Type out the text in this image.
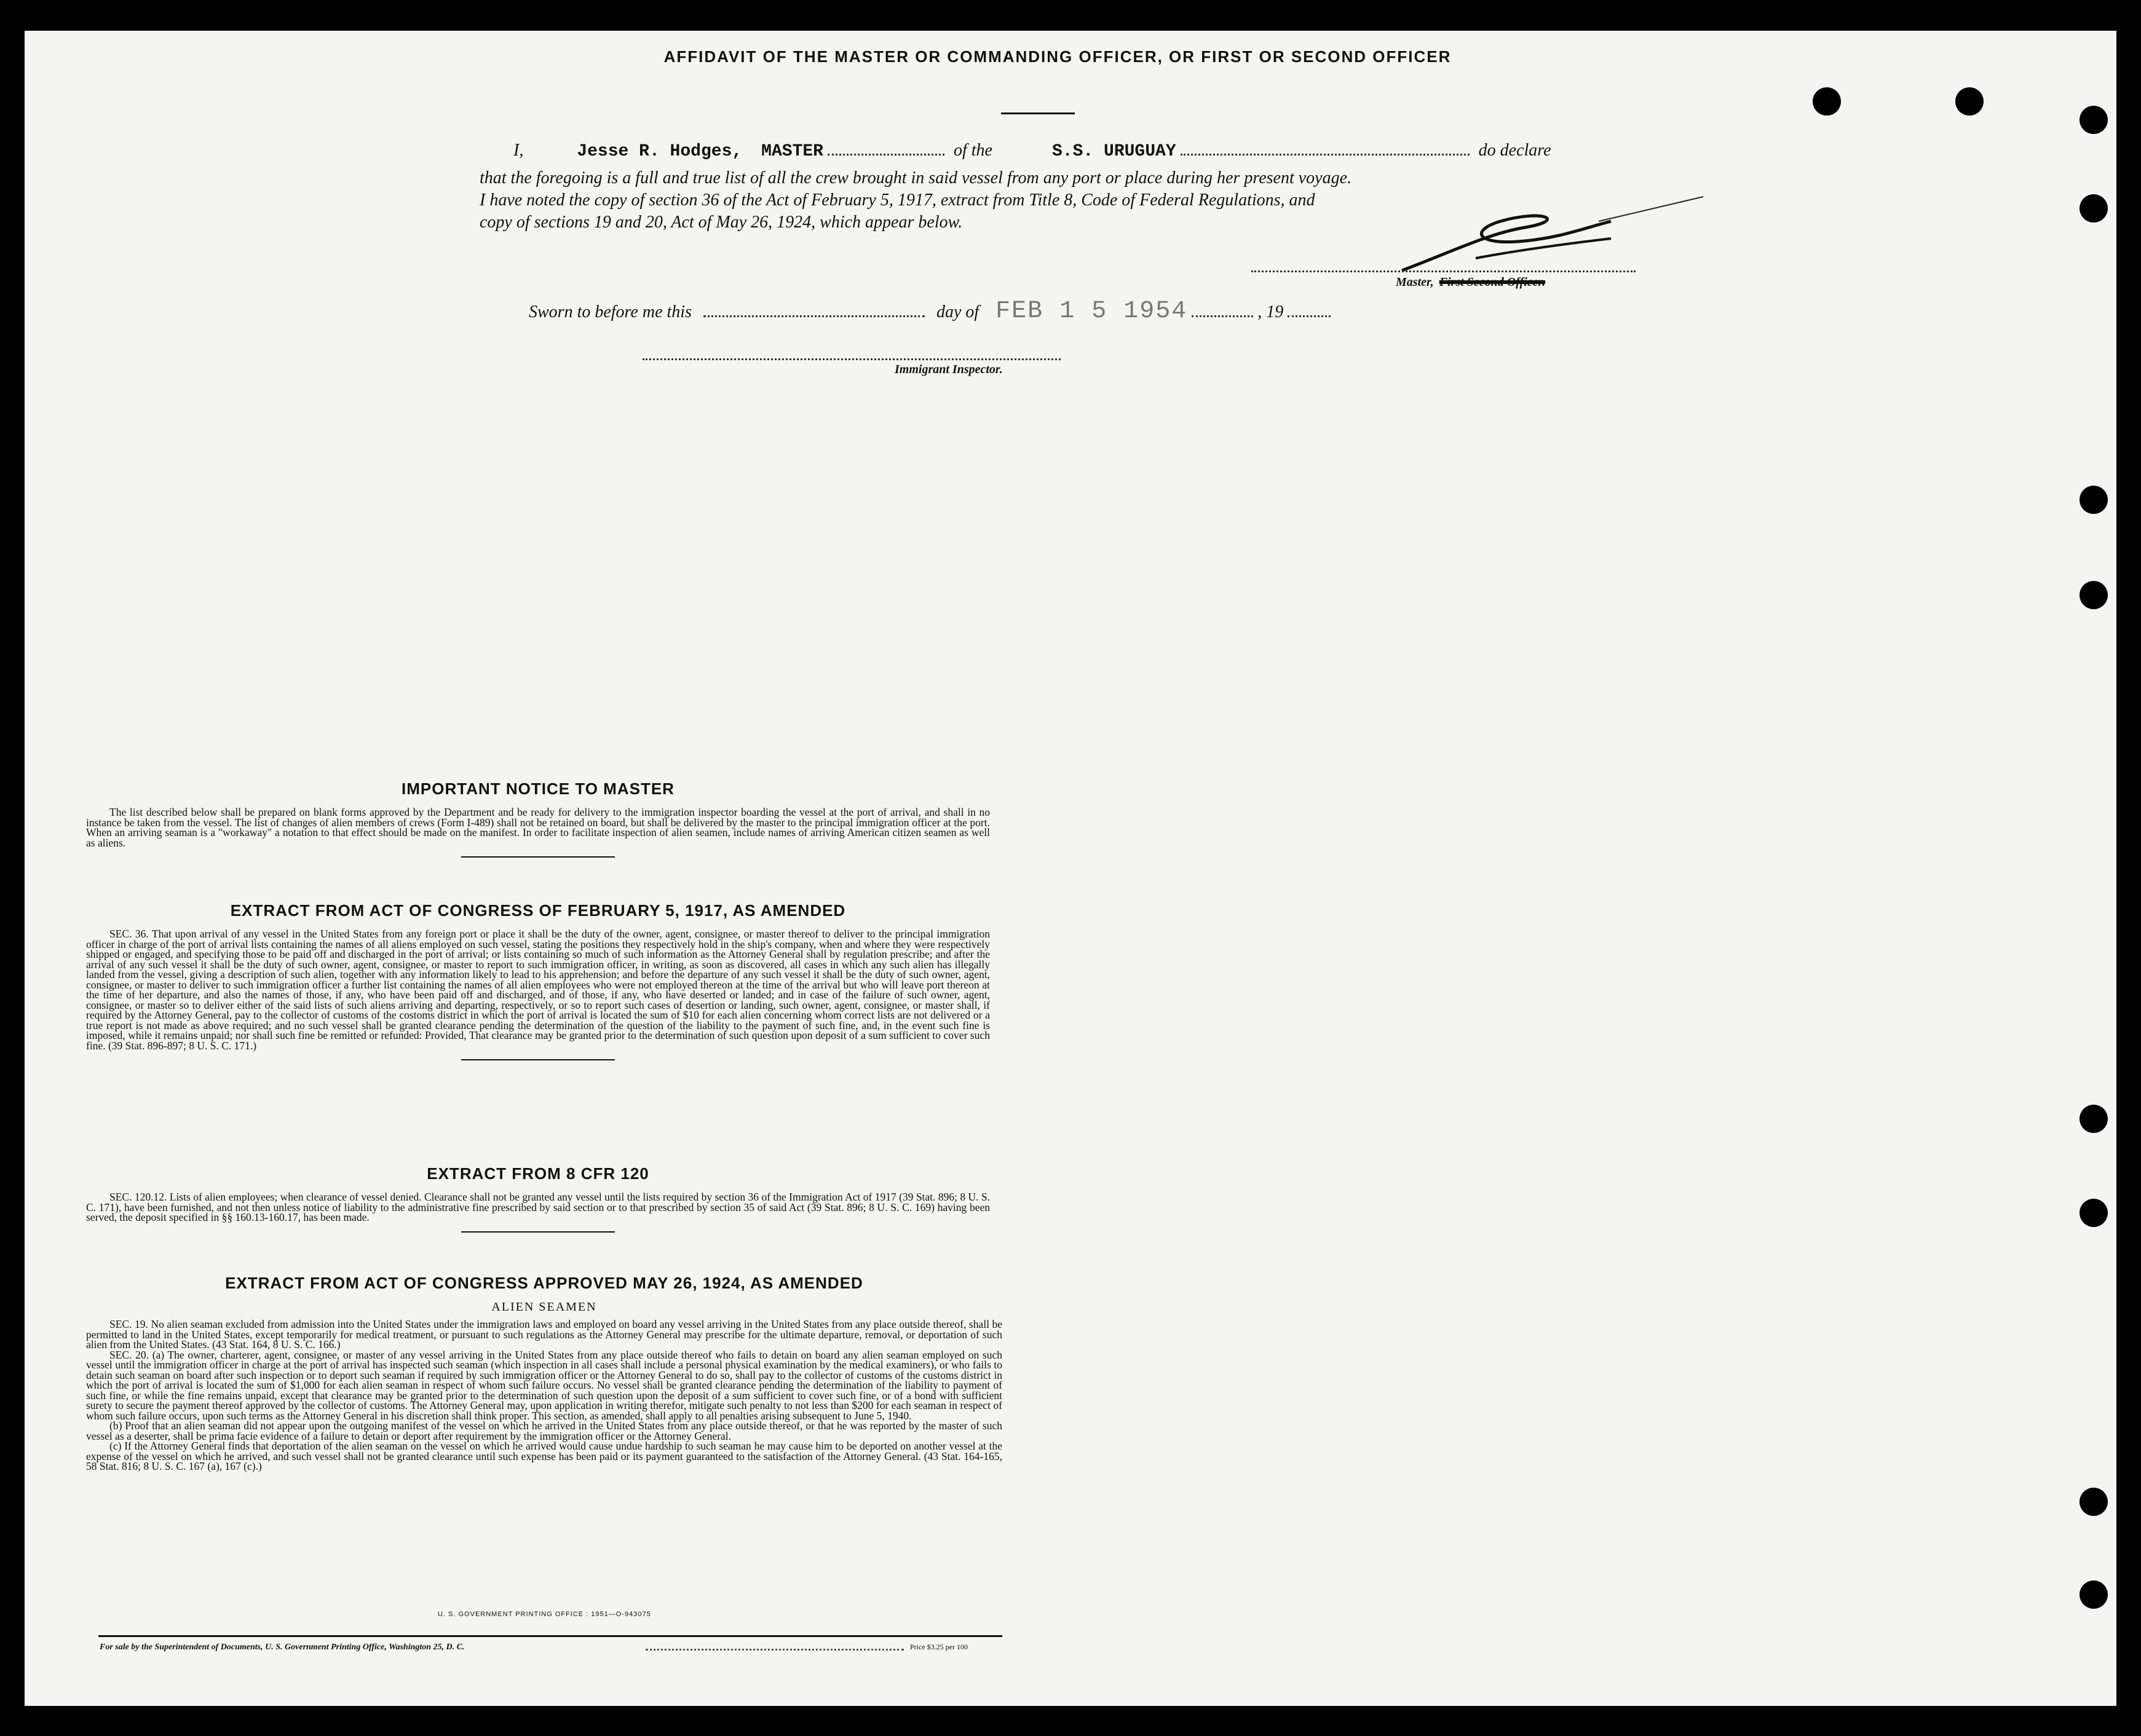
AFFIDAVIT OF THE MASTER OR COMMANDING OFFICER, OR FIRST OR SECOND OFFICER
I,	Jesse R. Hodges, MASTER	of the	S.S. URUGUAY	do declare
that the foregoing is a full and true list of all the crew brought in said vessel from any port or place during her present voyage.
I have noted the copy of section 36 of the Act of February 5, 1917, extract from Title 8, Code of Federal Regulations, and
copy of sections 19 and 20, Act of May 26, 1924, which appear below.
Master, First Second Officer.
Sworn to before me this	day of FEB 1 5 1954	, 19
Immigrant Inspector.
IMPORTANT NOTICE TO MASTER

The list described below shall be prepared on blank forms approved by the Department and be ready for delivery to the immigration inspector boarding the vessel at the port of arrival, and shall in no instance be taken from the vessel. The list of changes of alien members of crews (Form I-489) shall not be retained on board, but shall be delivered by the master to the principal immigration officer at the port. When an arriving seaman is a "workaway" a notation to that effect should be made on the manifest. In order to facilitate inspection of alien seamen, include names of arriving American citizen seamen as well as aliens.

EXTRACT FROM ACT OF CONGRESS OF FEBRUARY 5, 1917, AS AMENDED

SEC. 36. That upon arrival of any vessel in the United States from any foreign port or place it shall be the duty of the owner, agent, consignee, or master thereof to deliver to the principal immigration officer in charge of the port of arrival lists containing the names of all aliens employed on such vessel, stating the positions they respectively hold in the ship's company, when and where they were respectively shipped or engaged, and specifying those to be paid off and discharged in the port of arrival; or lists containing so much of such information as the Attorney General shall by regulation prescribe; and after the arrival of any such vessel it shall be the duty of such owner, agent, consignee, or master to report to such immigration officer, in writing, as soon as discovered, all cases in which any such alien has illegally landed from the vessel, giving a description of such alien, together with any information likely to lead to his apprehension; and before the departure of any such vessel it shall be the duty of such owner, agent, consignee, or master to deliver to such immigration officer a further list containing the names of all alien employees who were not employed thereon at the time of the arrival but who will leave port thereon at the time of her departure, and also the names of those, if any, who have been paid off and discharged, and of those, if any, who have deserted or landed; and in case of the failure of such owner, agent, consignee, or master so to deliver either of the said lists of such aliens arriving and departing, respectively, or so to report such cases of desertion or landing, such owner, agent, consignee, or master shall, if required by the Attorney General, pay to the collector of customs of the costoms district in which the port of arrival is located the sum of $10 for each alien concerning whom correct lists are not delivered or a true report is not made as above required; and no such vessel shall be granted clearance pending the determination of the question of the liability to the payment of such fine, and, in the event such fine is imposed, while it remains unpaid; nor shall such fine be remitted or refunded: Provided, That clearance may be granted prior to the determination of such question upon deposit of a sum sufficient to cover such fine. (39 Stat. 896-897; 8 U. S. C. 171.)

EXTRACT FROM 8 CFR 120

SEC. 120.12. Lists of alien employees; when clearance of vessel denied. Clearance shall not be granted any vessel until the lists required by section 36 of the Immigration Act of 1917 (39 Stat. 896; 8 U. S. C. 171), have been furnished, and not then unless notice of liability to the administrative fine prescribed by said section or to that prescribed by section 35 of said Act (39 Stat. 896; 8 U. S. C. 169) having been served, the deposit specified in §§ 160.13-160.17, has been made.

EXTRACT FROM ACT OF CONGRESS APPROVED MAY 26, 1924, AS AMENDED
ALIEN SEAMEN

SEC. 19. No alien seaman excluded from admission into the United States under the immigration laws and employed on board any vessel arriving in the United States from any place outside thereof, shall be permitted to land in the United States, except temporarily for medical treatment, or pursuant to such regulations as the Attorney General may prescribe for the ultimate departure, removal, or deportation of such alien from the United States. (43 Stat. 164, 8 U. S. C. 166.)

SEC. 20. (a) The owner, charterer, agent, consignee, or master of any vessel arriving in the United States from any place outside thereof who fails to detain on board any alien seaman employed on such vessel until the immigration officer in charge at the port of arrival has inspected such seaman (which inspection in all cases shall include a personal physical examination by the medical examiners), or who fails to detain such seaman on board after such inspection or to deport such seaman if required by such immigration officer or the Attorney General to do so, shall pay to the collector of customs of the customs district in which the port of arrival is located the sum of $1,000 for each alien seaman in respect of whom such failure occurs. No vessel shall be granted clearance pending the determination of the liability to payment of such fine, or while the fine remains unpaid, except that clearance may be granted prior to the determination of such question upon the deposit of a sum sufficient to cover such fine, or of a bond with sufficient surety to secure the payment thereof approved by the collector of customs. The Attorney General may, upon application in writing therefor, mitigate such penalty to not less than $200 for each seaman in respect of whom such failure occurs, upon such terms as the Attorney General in his discretion shall think proper. This section, as amended, shall apply to all penalties arising subsequent to June 5, 1940.

(b) Proof that an alien seaman did not appear upon the outgoing manifest of the vessel on which he arrived in the United States from any place outside thereof, or that he was reported by the master of such vessel as a deserter, shall be prima facie evidence of a failure to detain or deport after requirement by the immigration officer or the Attorney General.

(c) If the Attorney General finds that deportation of the alien seaman on the vessel on which he arrived would cause undue hardship to such seaman he may cause him to be deported on another vessel at the expense of the vessel on which he arrived, and such vessel shall not be granted clearance until such expense has been paid or its payment guaranteed to the satisfaction of the Attorney General. (43 Stat. 164-165, 58 Stat. 816; 8 U. S. C. 167 (a), 167 (c).)

U. S. GOVERNMENT PRINTING OFFICE : 1951—O-943075
For sale by the Superintendent of Documents, U. S. Government Printing Office, Washington 25, D. C.	Price $3.25 per 100
